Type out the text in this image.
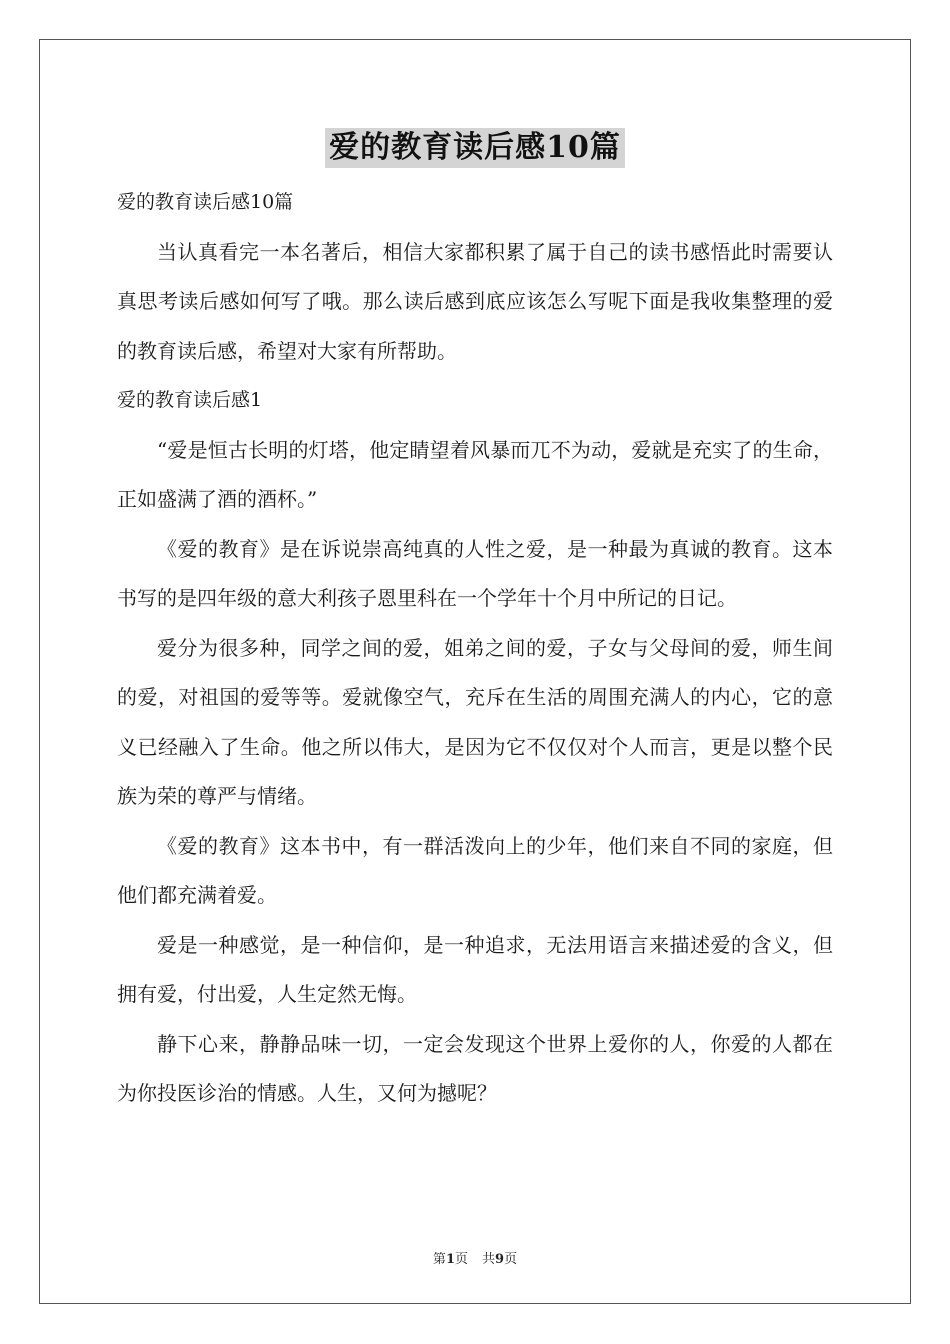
爱的教育读后感10篇

爱的教育读后感10篇

当认真看完一本名著后，相信大家都积累了属于自己的读书感悟此时需要认真思考读后感如何写了哦。那么读后感到底应该怎么写呢下面是我收集整理的爱的教育读后感，希望对大家有所帮助。

爱的教育读后感1

“爱是恒古长明的灯塔，他定睛望着风暴而兀不为动，爱就是充实了的生命，正如盛满了酒的酒杯。”

《爱的教育》是在诉说崇高纯真的人性之爱，是一种最为真诚的教育。这本书写的是四年级的意大利孩子恩里科在一个学年十个月中所记的日记。

爱分为很多种，同学之间的爱，姐弟之间的爱，子女与父母间的爱，师生间的爱，对祖国的爱等等。爱就像空气，充斥在生活的周围充满人的内心，它的意义已经融入了生命。他之所以伟大，是因为它不仅仅对个人而言，更是以整个民族为荣的尊严与情绪。

《爱的教育》这本书中，有一群活泼向上的少年，他们来自不同的家庭，但他们都充满着爱。

爱是一种感觉，是一种信仰，是一种追求，无法用语言来描述爱的含义，但拥有爱，付出爱，人生定然无悔。

静下心来，静静品味一切，一定会发现这个世界上爱你的人，你爱的人都在为你投医诊治的情感。人生，又何为撼呢？

第1页 共9页
